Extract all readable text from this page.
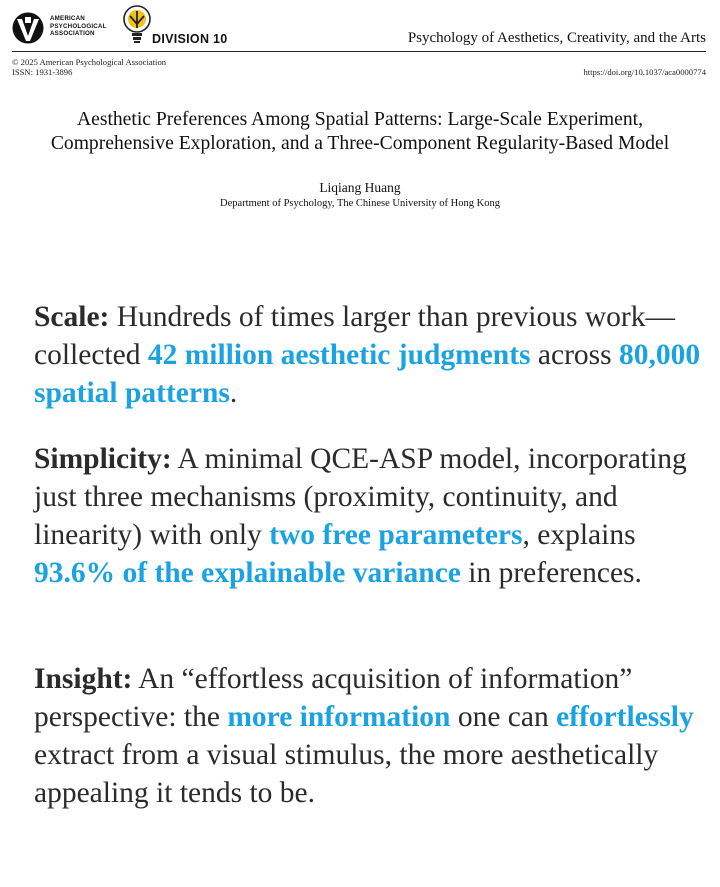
AMERICAN
PSYCHOLOGICAL
ASSOCIATION	DIVISION 10	Psychology of Aesthetics, Creativity, and the Arts
© 2025 American Psychological Association
ISSN: 1931-3896	https://doi.org/10.1037/aca0000774
Aesthetic Preferences Among Spatial Patterns: Large-Scale Experiment,
Comprehensive Exploration, and a Three-Component Regularity-Based Model
Liqiang Huang
Department of Psychology, The Chinese University of Hong Kong

Scale: Hundreds of times larger than previous work—collected 42 million aesthetic judgments across 80,000 spatial patterns.

Simplicity: A minimal QCE-ASP model, incorporating just three mechanisms (proximity, continuity, and linearity) with only two free parameters, explains 93.6% of the explainable variance in preferences.

Insight: An “effortless acquisition of information” perspective: the more information one can effortlessly extract from a visual stimulus, the more aesthetically appealing it tends to be.
